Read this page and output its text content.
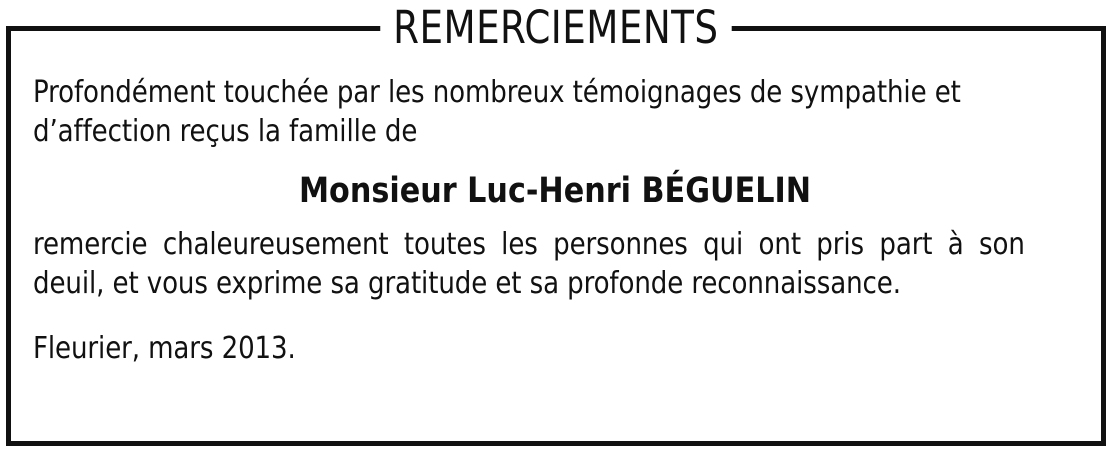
REMERCIEMENTS

Profondément touchée par les nombreux témoignages de sympathie et d’affection reçus la famille de

Monsieur Luc-Henri BÉGUELIN

remercie chaleureusement toutes les personnes qui ont pris part à son deuil, et vous exprime sa gratitude et sa profonde reconnaissance.

Fleurier, mars 2013.
